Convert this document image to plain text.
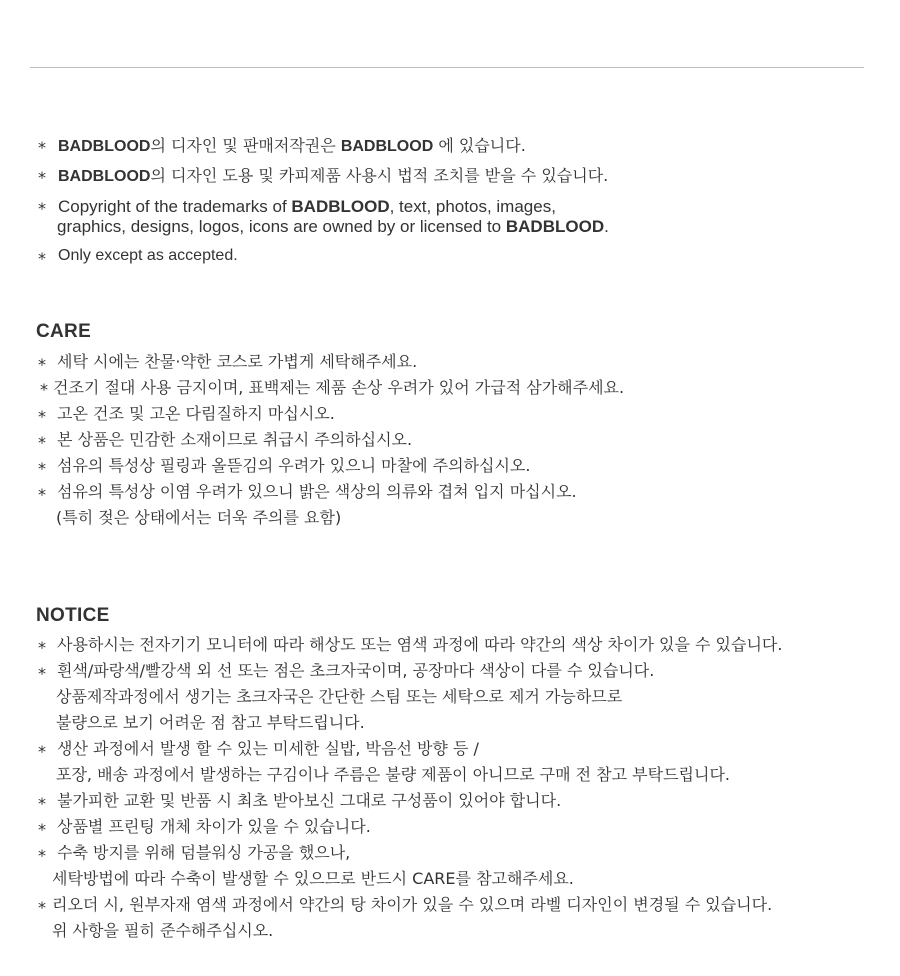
* BADBLOOD의 디자인 및 판매저작권은 BADBLOOD 에 있습니다.
* BADBLOOD의 디자인 도용 및 카피제품 사용시 법적 조치를 받을 수 있습니다.
* Copyright of the trademarks of BADBLOOD, text, photos, images,
graphics, designs, logos, icons are owned by or licensed to BADBLOOD.
* Only except as accepted.
CARE
* 세탁 시에는 찬물·약한 코스로 가볍게 세탁해주세요.
* 건조기 절대 사용 금지이며, 표백제는 제품 손상 우려가 있어 가급적 삼가해주세요.
* 고온 건조 및 고온 다림질하지 마십시오.
* 본 상품은 민감한 소재이므로 취급시 주의하십시오.
* 섬유의 특성상 필링과 올뜯김의 우려가 있으니 마찰에 주의하십시오.
* 섬유의 특성상 이염 우려가 있으니 밝은 색상의 의류와 겹쳐 입지 마십시오.
(특히 젖은 상태에서는 더욱 주의를 요함)
NOTICE
* 사용하시는 전자기기 모니터에 따라 해상도 또는 염색 과정에 따라 약간의 색상 차이가 있을 수 있습니다.
* 흰색/파랑색/빨강색 외 선 또는 점은 초크자국이며, 공장마다 색상이 다를 수 있습니다.
상품제작과정에서 생기는 초크자국은 간단한 스팀 또는 세탁으로 제거 가능하므로
불량으로 보기 어려운 점 참고 부탁드립니다.
* 생산 과정에서 발생 할 수 있는 미세한 실밥, 박음선 방향 등 /
포장, 배송 과정에서 발생하는 구김이나 주름은 불량 제품이 아니므로 구매 전 참고 부탁드립니다.
* 불가피한 교환 및 반품 시 최초 받아보신 그대로 구성품이 있어야 합니다.
* 상품별 프린팅 개체 차이가 있을 수 있습니다.
* 수축 방지를 위해 덤블워싱 가공을 했으나,
세탁방법에 따라 수축이 발생할 수 있으므로 반드시 CARE를 참고해주세요.
* 리오더 시, 원부자재 염색 과정에서 약간의 탕 차이가 있을 수 있으며 라벨 디자인이 변경될 수 있습니다.
위 사항을 필히 준수해주십시오.
